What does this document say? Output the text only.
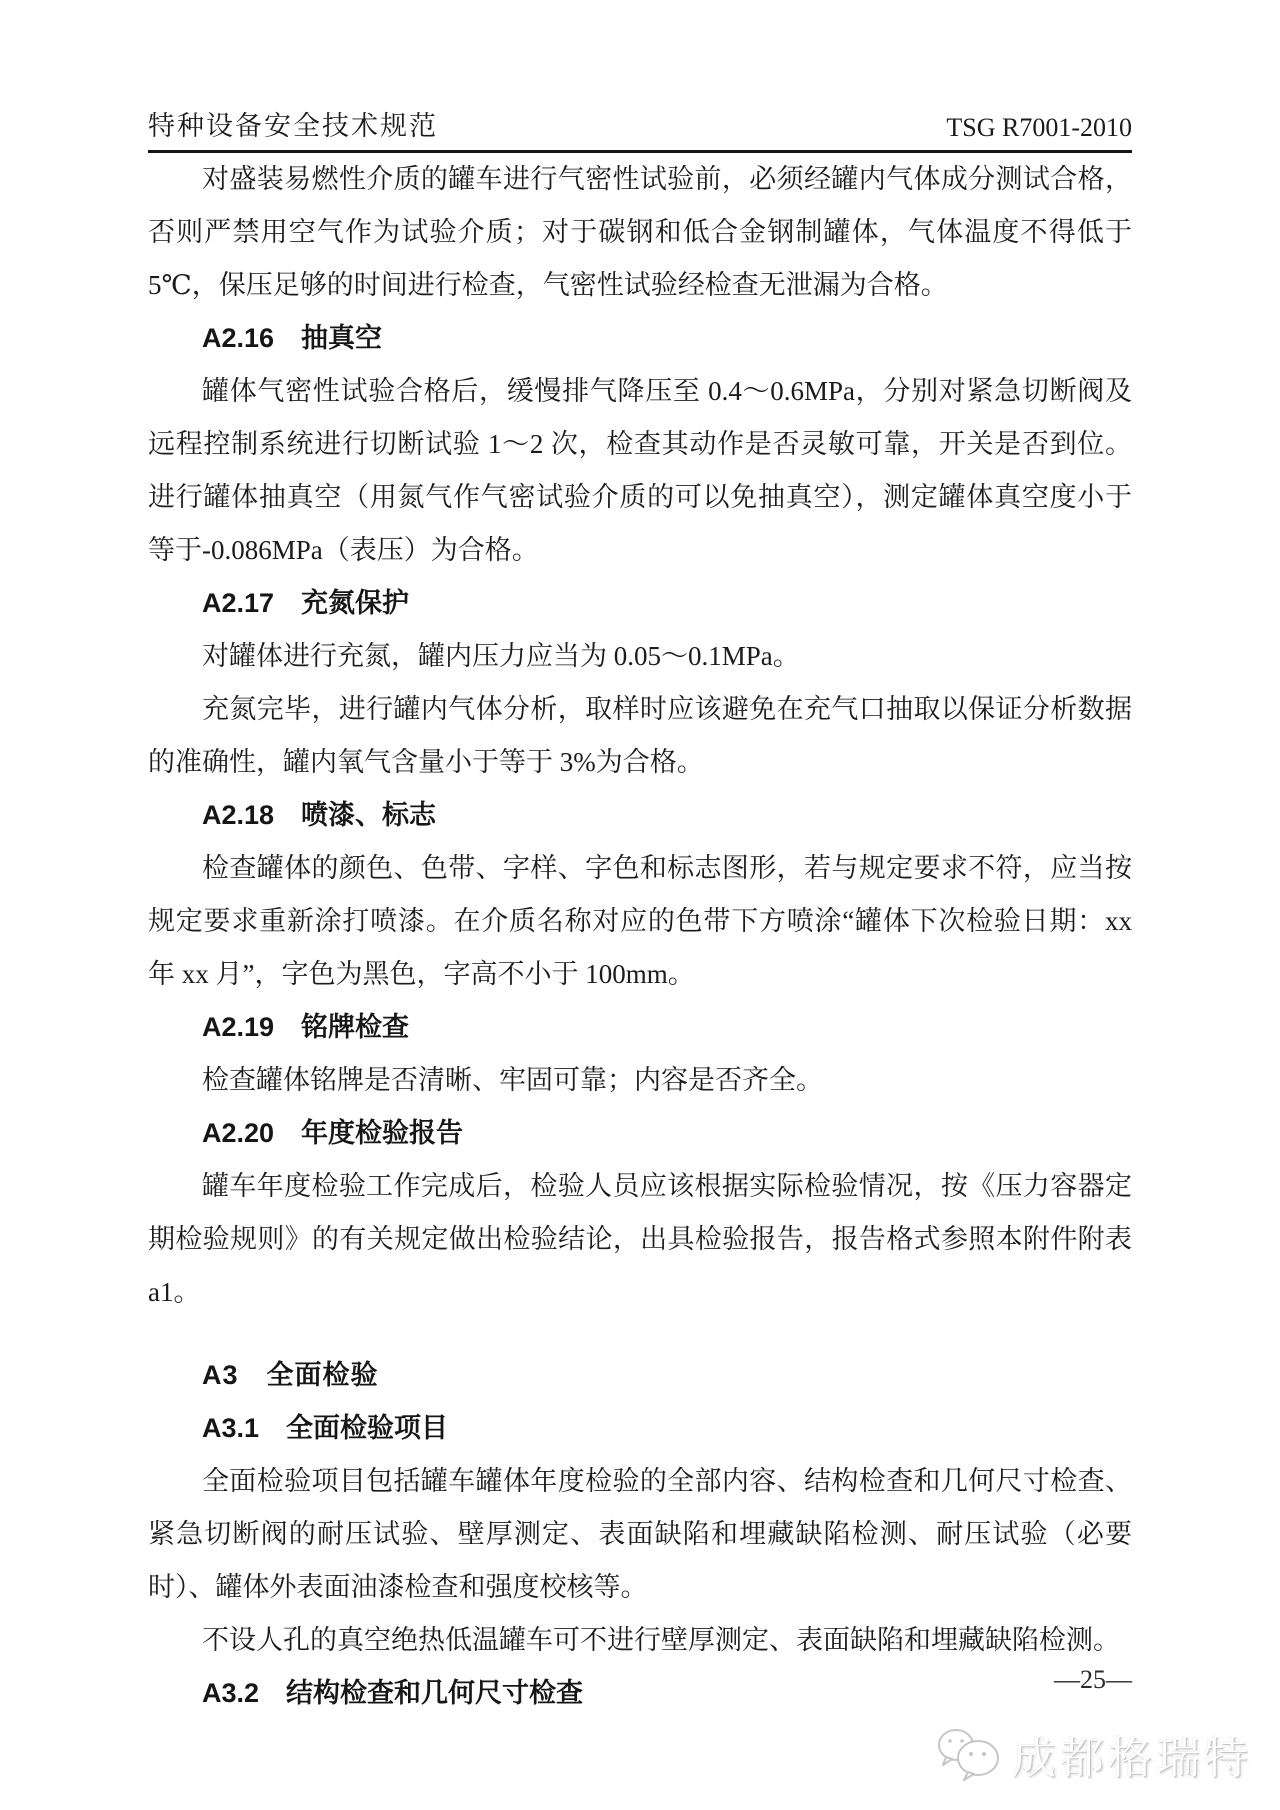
特种设备安全技术规范	TSG R7001-2010

对盛装易燃性介质的罐车进行气密性试验前，必须经罐内气体成分测试合格，否则严禁用空气作为试验介质；对于碳钢和低合金钢制罐体，气体温度不得低于 5℃，保压足够的时间进行检查，气密性试验经检查无泄漏为合格。

A2.16　抽真空

罐体气密性试验合格后，缓慢排气降压至 0.4～0.6MPa，分别对紧急切断阀及远程控制系统进行切断试验 1～2 次，检查其动作是否灵敏可靠，开关是否到位。进行罐体抽真空（用氮气作气密试验介质的可以免抽真空），测定罐体真空度小于等于-0.086MPa（表压）为合格。

A2.17　充氮保护

对罐体进行充氮，罐内压力应当为 0.05～0.1MPa。

充氮完毕，进行罐内气体分析，取样时应该避免在充气口抽取以保证分析数据的准确性，罐内氧气含量小于等于 3%为合格。

A2.18　喷漆、标志

检查罐体的颜色、色带、字样、字色和标志图形，若与规定要求不符，应当按规定要求重新涂打喷漆。在介质名称对应的色带下方喷涂“罐体下次检验日期：xx 年 xx 月”，字色为黑色，字高不小于 100mm。

A2.19　铭牌检查

检查罐体铭牌是否清晰、牢固可靠；内容是否齐全。

A2.20　年度检验报告

罐车年度检验工作完成后，检验人员应该根据实际检验情况，按《压力容器定期检验规则》的有关规定做出检验结论，出具检验报告，报告格式参照本附件附表 a1。

A3　全面检验

A3.1　全面检验项目

全面检验项目包括罐车罐体年度检验的全部内容、结构检查和几何尺寸检查、紧急切断阀的耐压试验、壁厚测定、表面缺陷和埋藏缺陷检测、耐压试验（必要时）、罐体外表面油漆检查和强度校核等。

不设人孔的真空绝热低温罐车可不进行壁厚测定、表面缺陷和埋藏缺陷检测。

A3.2　结构检查和几何尺寸检查	—25—
成都格瑞特
